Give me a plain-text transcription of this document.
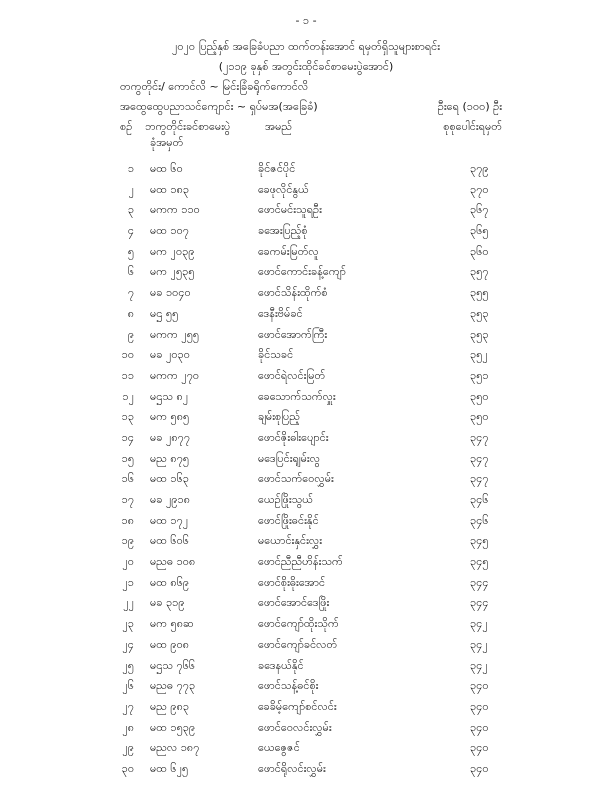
- ၁ -
၂၀၂၀ ပြည့်နှစ် အခြေခံပညာ ထက်တန်းအောင် ရမှတ်ရှိသူများစာရင်း
(၂၁၁၉ ခုနှစ် အတွင်းထိုင်ခင်စာမေးပွဲအောင်)
တကွတိုင်း/ ကောင်လိ ~ မြင်းခြံခရိုက်ကောင်လိ
အထွေထွေပညာသင်ကျောင်း ~ ရှပ်မအ(အခြေခံ)	ဦးရေ (၁၀၀) ဦး
စဉ် ဘကွတိုင်းခင်စာမေးပွဲ
ခုံအမှတ်
အမည်	စုစုပေါင်းရမှတ်
၁ မထ ၆၀	ခိုင်ဇင်ပိုင်	၃၇၉
၂ မထ ၁၈၃	ခေဖုလိုင်နွယ်	၃၇၀
၃ မကက ၁၁၀	ဖောင်မင်းသူရဦး	၃၆၇
၄ မထ ၁၀၇	ခအေးပြည့်စုံ	၃၆၅
၅ မက ၂၀၃၉	ခေကမ်းမြတ်လူ	၃၆၀
၆ မက ၂၅၃၅	ဖောင်ကောင်းခန့်ကျော်	၃၅၇
၇ မခ ၁၀၄၀	ဖောင်သိန်းထိုက်စံ	၃၅၅
၈ မဌ ၅၅	ဒေနီးဗိမ်ခင်	၃၅၃
၉ မကက ၂၅၅	ဖောင်အောက်ကြီး	၃၅၃
၁၀ မခ ၂၀၃၀	ခိုင်သခင်	၃၅၂
၁၁ မကက ၂၇၀	ဖောင်ရဲလင်းမြတ်	၃၅၁
၁၂ မဌသ ၈၂	ခေသောက်သက်လှူး	၃၅၀
၁၃ မက ၅၈၅	ချမ်းစုပြည့်	၃၅၀
၁၄ မခ ၂၈၇၇	ဖောင်ဇိုးဓါးပျောင်း	၃၄၇
၁၅ မည ၈၇၅	မဒေပြင်းရျမ်းလွ	၃၄၇
၁၆ မထ ၁၆၃	ဖောင်သက်ဝေလွှမ်း	၃၄၇
၁၇ မခ ၂၉၁၈	ယေဉ်ဖြိုးသွယ်	၃၄၆
၁၈ မထ ၁၇၂	ဖောင်ဖြိုးဓင်းနိုင်	၃၄၆
၁၉ မထ ၆၀၆	မယောင်းနှင်းလွှး	၃၄၅
၂၀ မညဓ ၁၀၈	ဖောင်ညီညီဟိန်းသက်	၃၄၅
၂၁ မထ ၈၆၉	ဖောင်စိုးဓိုးအောင်	၃၄၄
၂၂ မခ ၃၁၉	ဖောင်အောင်ဒေဖြိုး	၃၄၄
၂၃ မက ၅၈ဆ	ဖောင်ကျော်ထိုးသိုက်	၃၄၂
၂၄ မထ ၉၀၈	ဖောင်ကျော်ခင်လတ်	၃၄၂
၂၅ မဌသ ၇၆၆	ခဒေနယ်နိုင်	၃၄၂
၂၆ မညဓ ၇၇၃	ဖောင်သန့်ဓင်စိုး	၃၄၀
၂၇ မည ၉၈၃	ခေခိမ့်ကျော်စင်လင်း	၃၄၀
၂၈ မထ ၁၅၃၉	ဖောင်ဝေလင်းလွှမ်း	၃၄၀
၂၉ မညလ ၁၈၇	ယေဇွေဇင်	၃၄၀
၃၀ မထ ၆၂၅	ဖောင်ရိုလင်းလွှမ်း	၃၄၀
